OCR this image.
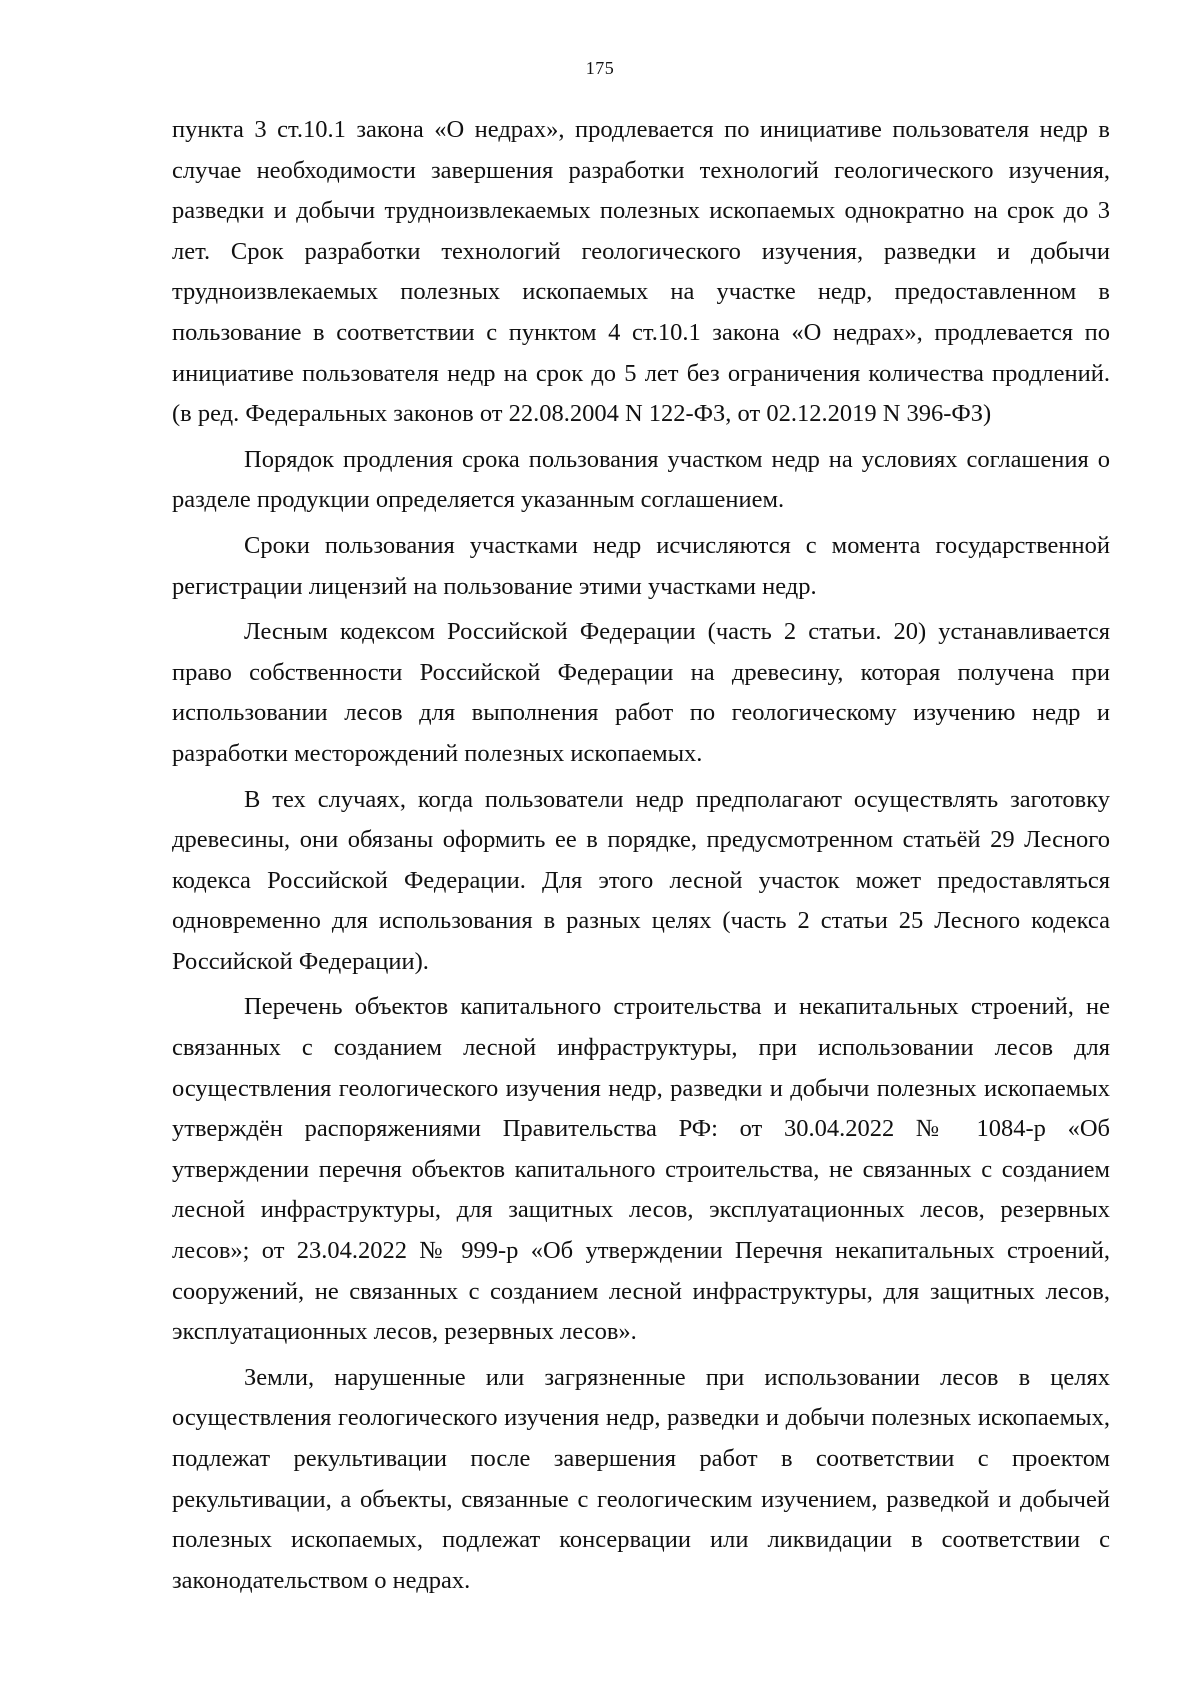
175

пункта 3 ст.10.1 закона «О недрах», продлевается по инициативе пользователя недр в случае необходимости завершения разработки технологий геологического изучения, разведки и добычи трудноизвлекаемых полезных ископаемых однократно на срок до 3 лет. Срок разработки технологий геологического изучения, разведки и добычи трудноизвлекаемых полезных ископаемых на участке недр, предоставленном в пользование в соответствии с пунктом 4 ст.10.1 закона «О недрах», продлевается по инициативе пользователя недр на срок до 5 лет без ограничения количества продлений. (в ред. Федеральных законов от 22.08.2004 N 122-ФЗ, от 02.12.2019 N 396-ФЗ)

Порядок продления срока пользования участком недр на условиях соглашения о разделе продукции определяется указанным соглашением.

Сроки пользования участками недр исчисляются с момента государственной регистрации лицензий на пользование этими участками недр.

Лесным кодексом Российской Федерации (часть 2 статьи. 20) устанавливается право собственности Российской Федерации на древесину, которая получена при использовании лесов для выполнения работ по геологическому изучению недр и разработки месторождений полезных ископаемых.

В тех случаях, когда пользователи недр предполагают осуществлять заготовку древесины, они обязаны оформить ее в порядке, предусмотренном статьёй 29 Лесного кодекса Российской Федерации. Для этого лесной участок может предоставляться одновременно для использования в разных целях (часть 2 статьи 25 Лесного кодекса Российской Федерации).

Перечень объектов капитального строительства и некапитальных строений, не связанных с созданием лесной инфраструктуры, при использовании лесов для осуществления геологического изучения недр, разведки и добычи полезных ископаемых утверждён распоряжениями Правительства РФ: от 30.04.2022 № 1084-р «Об утверждении перечня объектов капитального строительства, не связанных с созданием лесной инфраструктуры, для защитных лесов, эксплуатационных лесов, резервных лесов»; от 23.04.2022 № 999-р «Об утверждении Перечня некапитальных строений, сооружений, не связанных с созданием лесной инфраструктуры, для защитных лесов, эксплуатационных лесов, резервных лесов».

Земли, нарушенные или загрязненные при использовании лесов в целях осуществления геологического изучения недр, разведки и добычи полезных ископаемых, подлежат рекультивации после завершения работ в соответствии с проектом рекультивации, а объекты, связанные с геологическим изучением, разведкой и добычей полезных ископаемых, подлежат консервации или ликвидации в соответствии с законодательством о недрах.
